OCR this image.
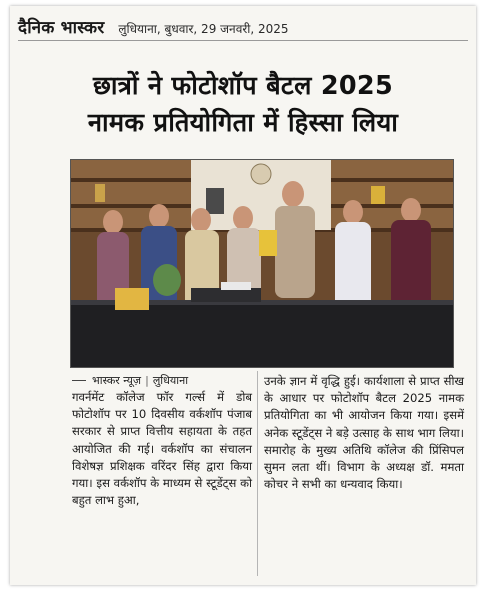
दैनिक भास्कर लुधियाना, बुधवार, 29 जनवरी, 2025
छात्रों ने फोटोशॉप बैटल 2025
नामक प्रतियोगिता में हिस्सा लिया
भास्कर न्यूज़ | लुधियाना
गवर्नमेंट कॉलेज फॉर गर्ल्स में डोब फोटोशॉप पर 10 दिवसीय वर्कशॉप पंजाब सरकार से प्राप्त वित्तीय सहायता के तहत आयोजित की गई। वर्कशॉप का संचालन विशेषज्ञ प्रशिक्षक वरिंदर सिंह द्वारा किया गया। इस वर्कशॉप के माध्यम से स्टूडेंट्स को बहुत लाभ हुआ,
उनके ज्ञान में वृद्धि हुई। कार्यशाला से प्राप्त सीख के आधार पर फोटोशॉप बैटल 2025 नामक प्रतियोगिता का भी आयोजन किया गया। इसमें अनेक स्टूडेंट्स ने बड़े उत्साह के साथ भाग लिया। समारोह के मुख्य अतिथि कॉलेज की प्रिंसिपल सुमन लता थीं। विभाग के अध्यक्ष डॉ. ममता कोचर ने सभी का धन्यवाद किया।
